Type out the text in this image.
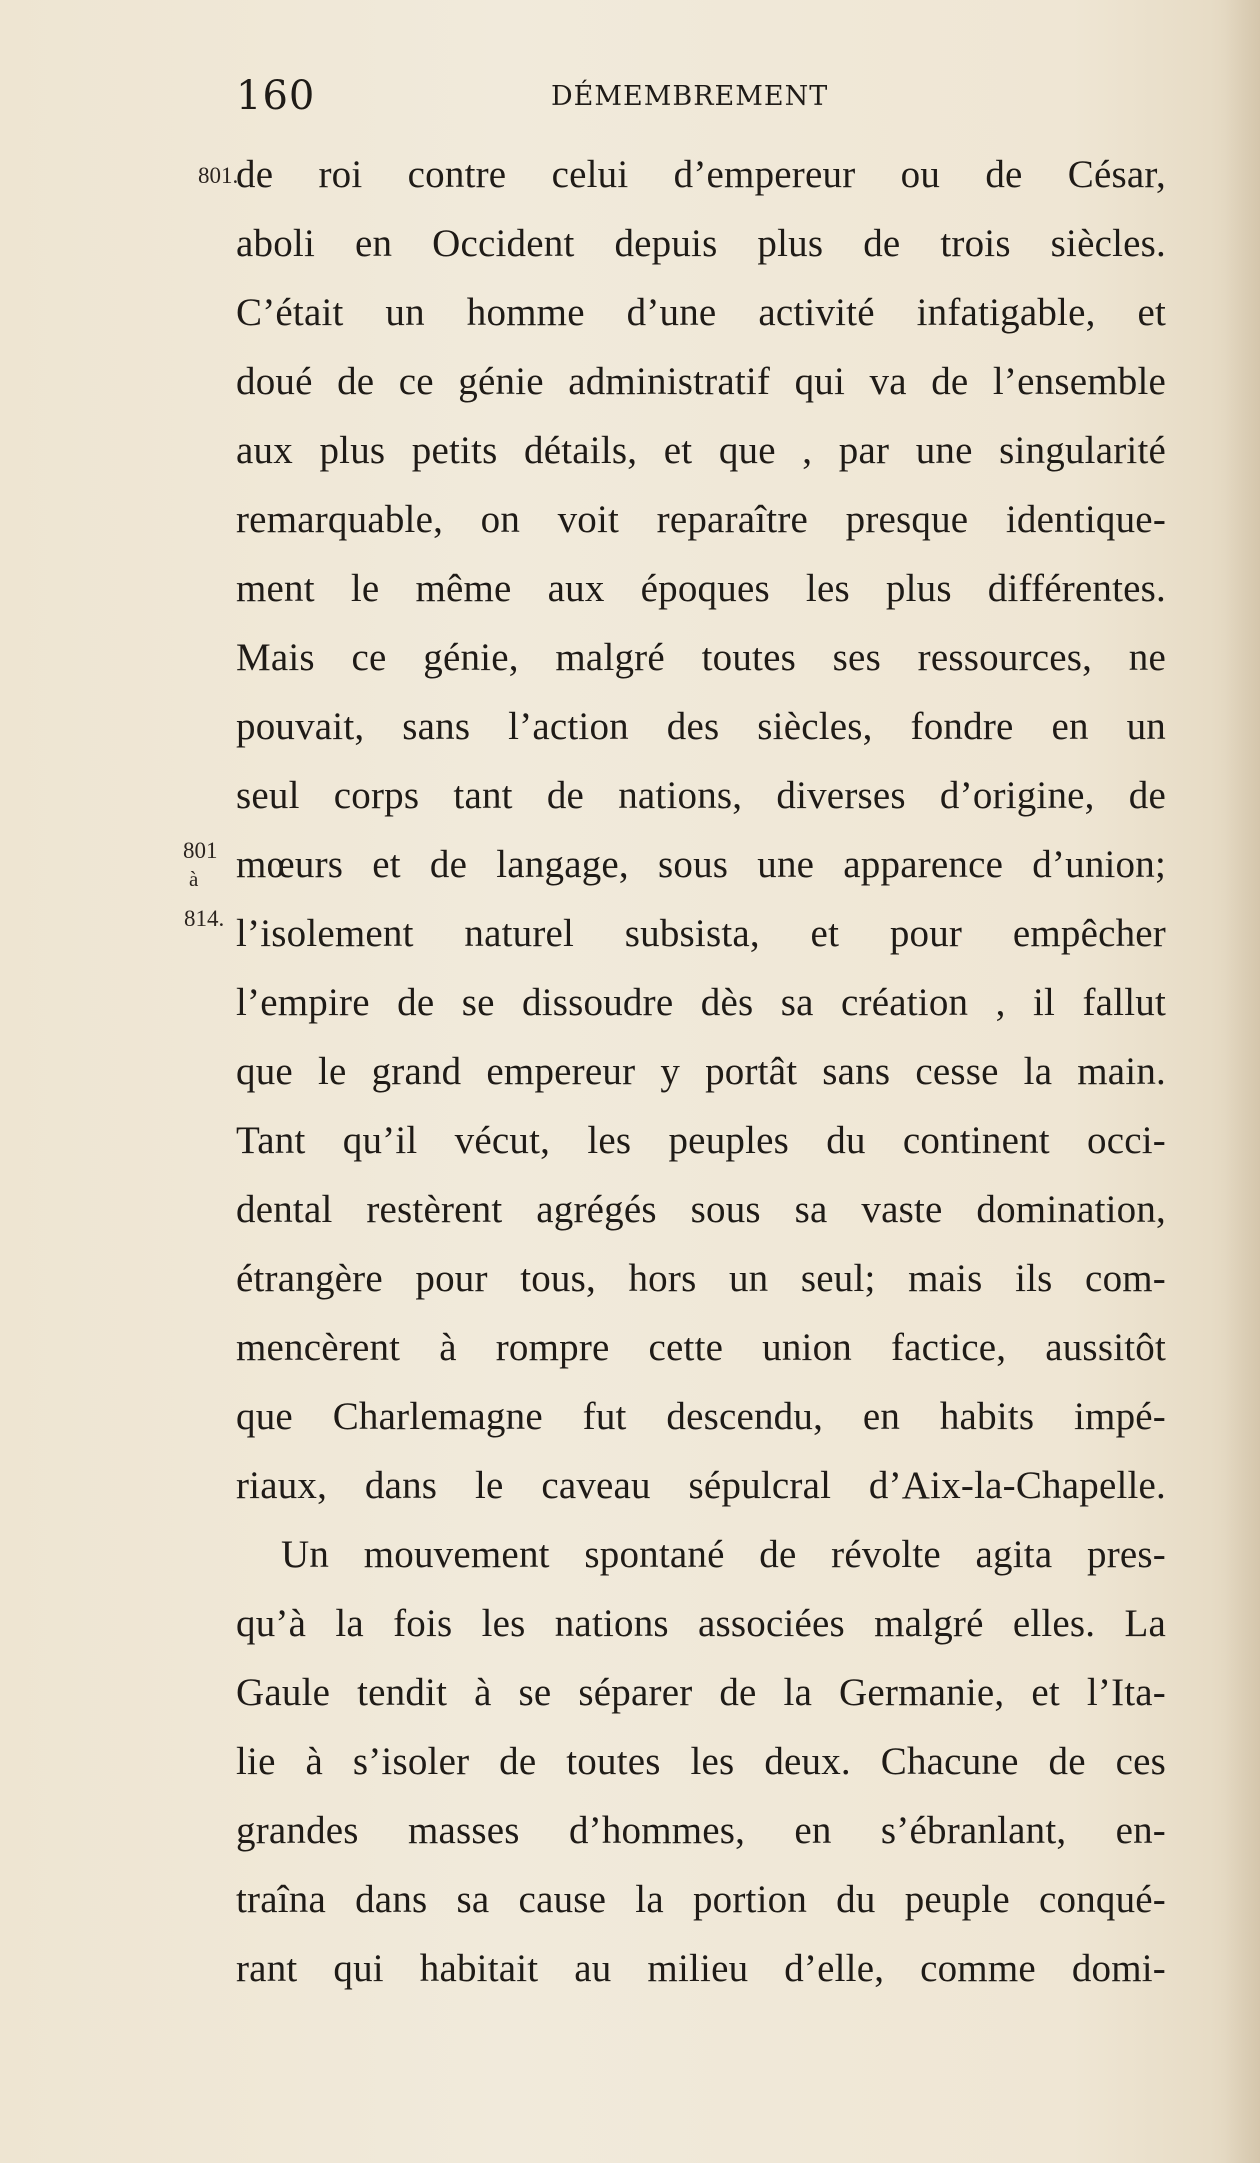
160	DÉMEMBREMENT
801.
801
à
814.
de roi contre celui d’empereur ou de César,
aboli en Occident depuis plus de trois siècles.
C’était un homme d’une activité infatigable, et
doué de ce génie administratif qui va de l’ensemble
aux plus petits détails, et que , par une singularité
remarquable, on voit reparaître presque identique-
ment le même aux époques les plus différentes.
Mais ce génie, malgré toutes ses ressources, ne
pouvait, sans l’action des siècles, fondre en un
seul corps tant de nations, diverses d’origine, de
mœurs et de langage, sous une apparence d’union;
l’isolement naturel subsista, et pour empêcher
l’empire de se dissoudre dès sa création , il fallut
que le grand empereur y portât sans cesse la main.
Tant qu’il vécut, les peuples du continent occi-
dental restèrent agrégés sous sa vaste domination,
étrangère pour tous, hors un seul; mais ils com-
mencèrent à rompre cette union factice, aussitôt
que Charlemagne fut descendu, en habits impé-
riaux, dans le caveau sépulcral d’Aix-la-Chapelle.
Un mouvement spontané de révolte agita pres-
qu’à la fois les nations associées malgré elles. La
Gaule tendit à se séparer de la Germanie, et l’Ita-
lie à s’isoler de toutes les deux. Chacune de ces
grandes masses d’hommes, en s’ébranlant, en-
traîna dans sa cause la portion du peuple conqué-
rant qui habitait au milieu d’elle, comme domi-
